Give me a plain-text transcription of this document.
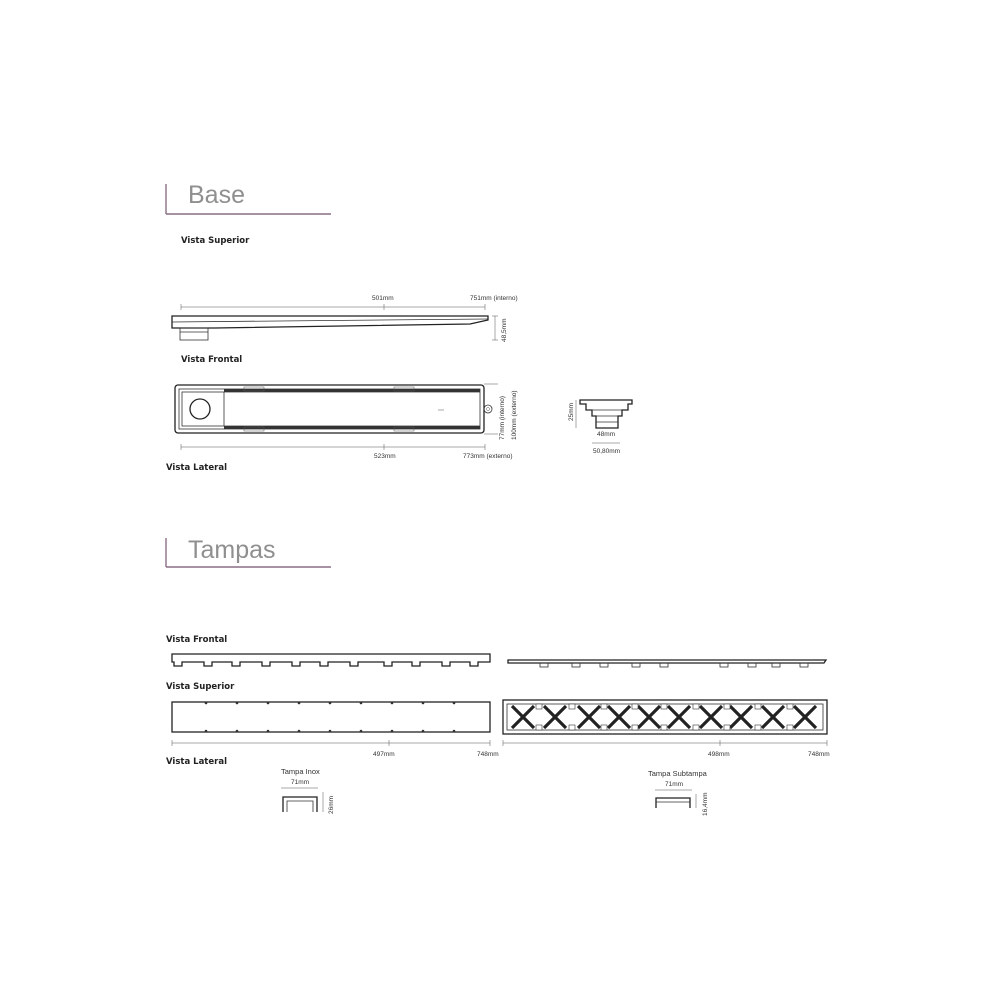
Base
Vista Superior
501mm	751mm (interno)
48,5mm
Vista Frontal
77mm (interno) 100mm (externo)
523mm	773mm (externo)
25mm
48mm
50,80mm
Vista Lateral
Tampas
Vista Frontal
Vista Superior
497mm	748mm	498mm	748mm
Vista Lateral
Tampa Inox
71mm
26mm
Tampa Subtampa
71mm
16,4mm
